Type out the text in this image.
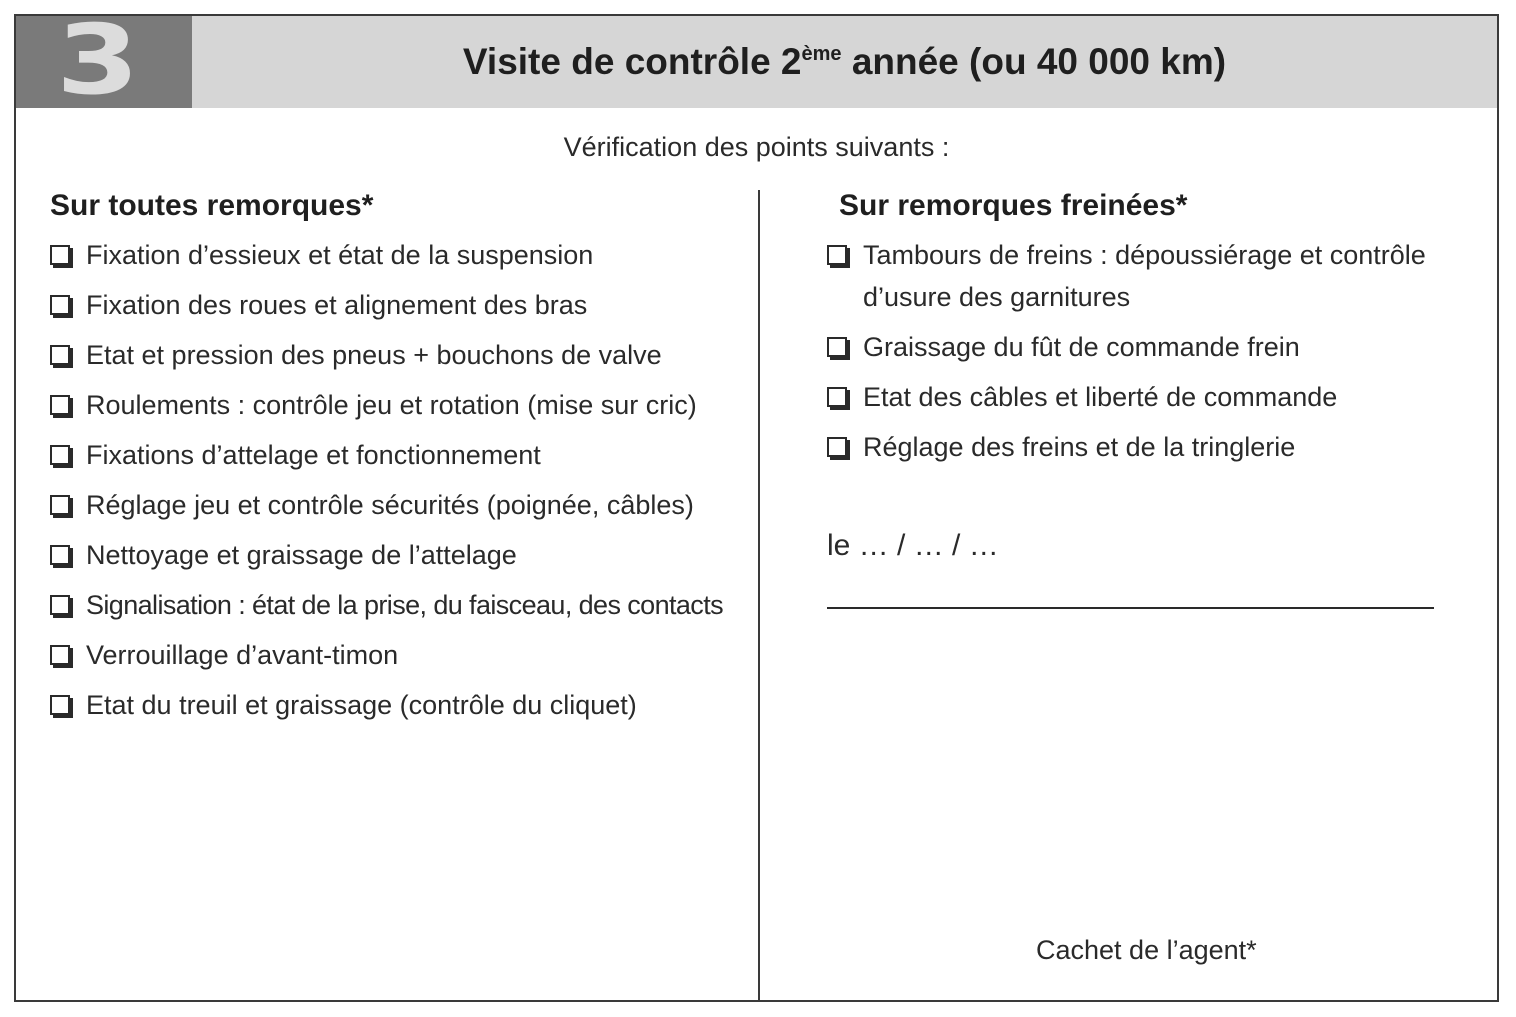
3	Visite de contrôle 2ème année (ou 40 000 km)
Vérification des points suivants :
Sur toutes remorques*
Fixation d’essieux et état de la suspension
Fixation des roues et alignement des bras
Etat et pression des pneus + bouchons de valve
Roulements : contrôle jeu et rotation (mise sur cric)
Fixations d’attelage et fonctionnement
Réglage jeu et contrôle sécurités (poignée, câbles)
Nettoyage et graissage de l’attelage
Signalisation : état de la prise, du faisceau, des contacts
Verrouillage d’avant-timon
Etat du treuil et graissage (contrôle du cliquet)
Sur remorques freinées*
Tambours de freins : dépoussiérage et contrôle d’usure des garnitures
Graissage du fût de commande frein
Etat des câbles et liberté de commande
Réglage des freins et de la tringlerie
le … / … / …
Cachet de l’agent*
